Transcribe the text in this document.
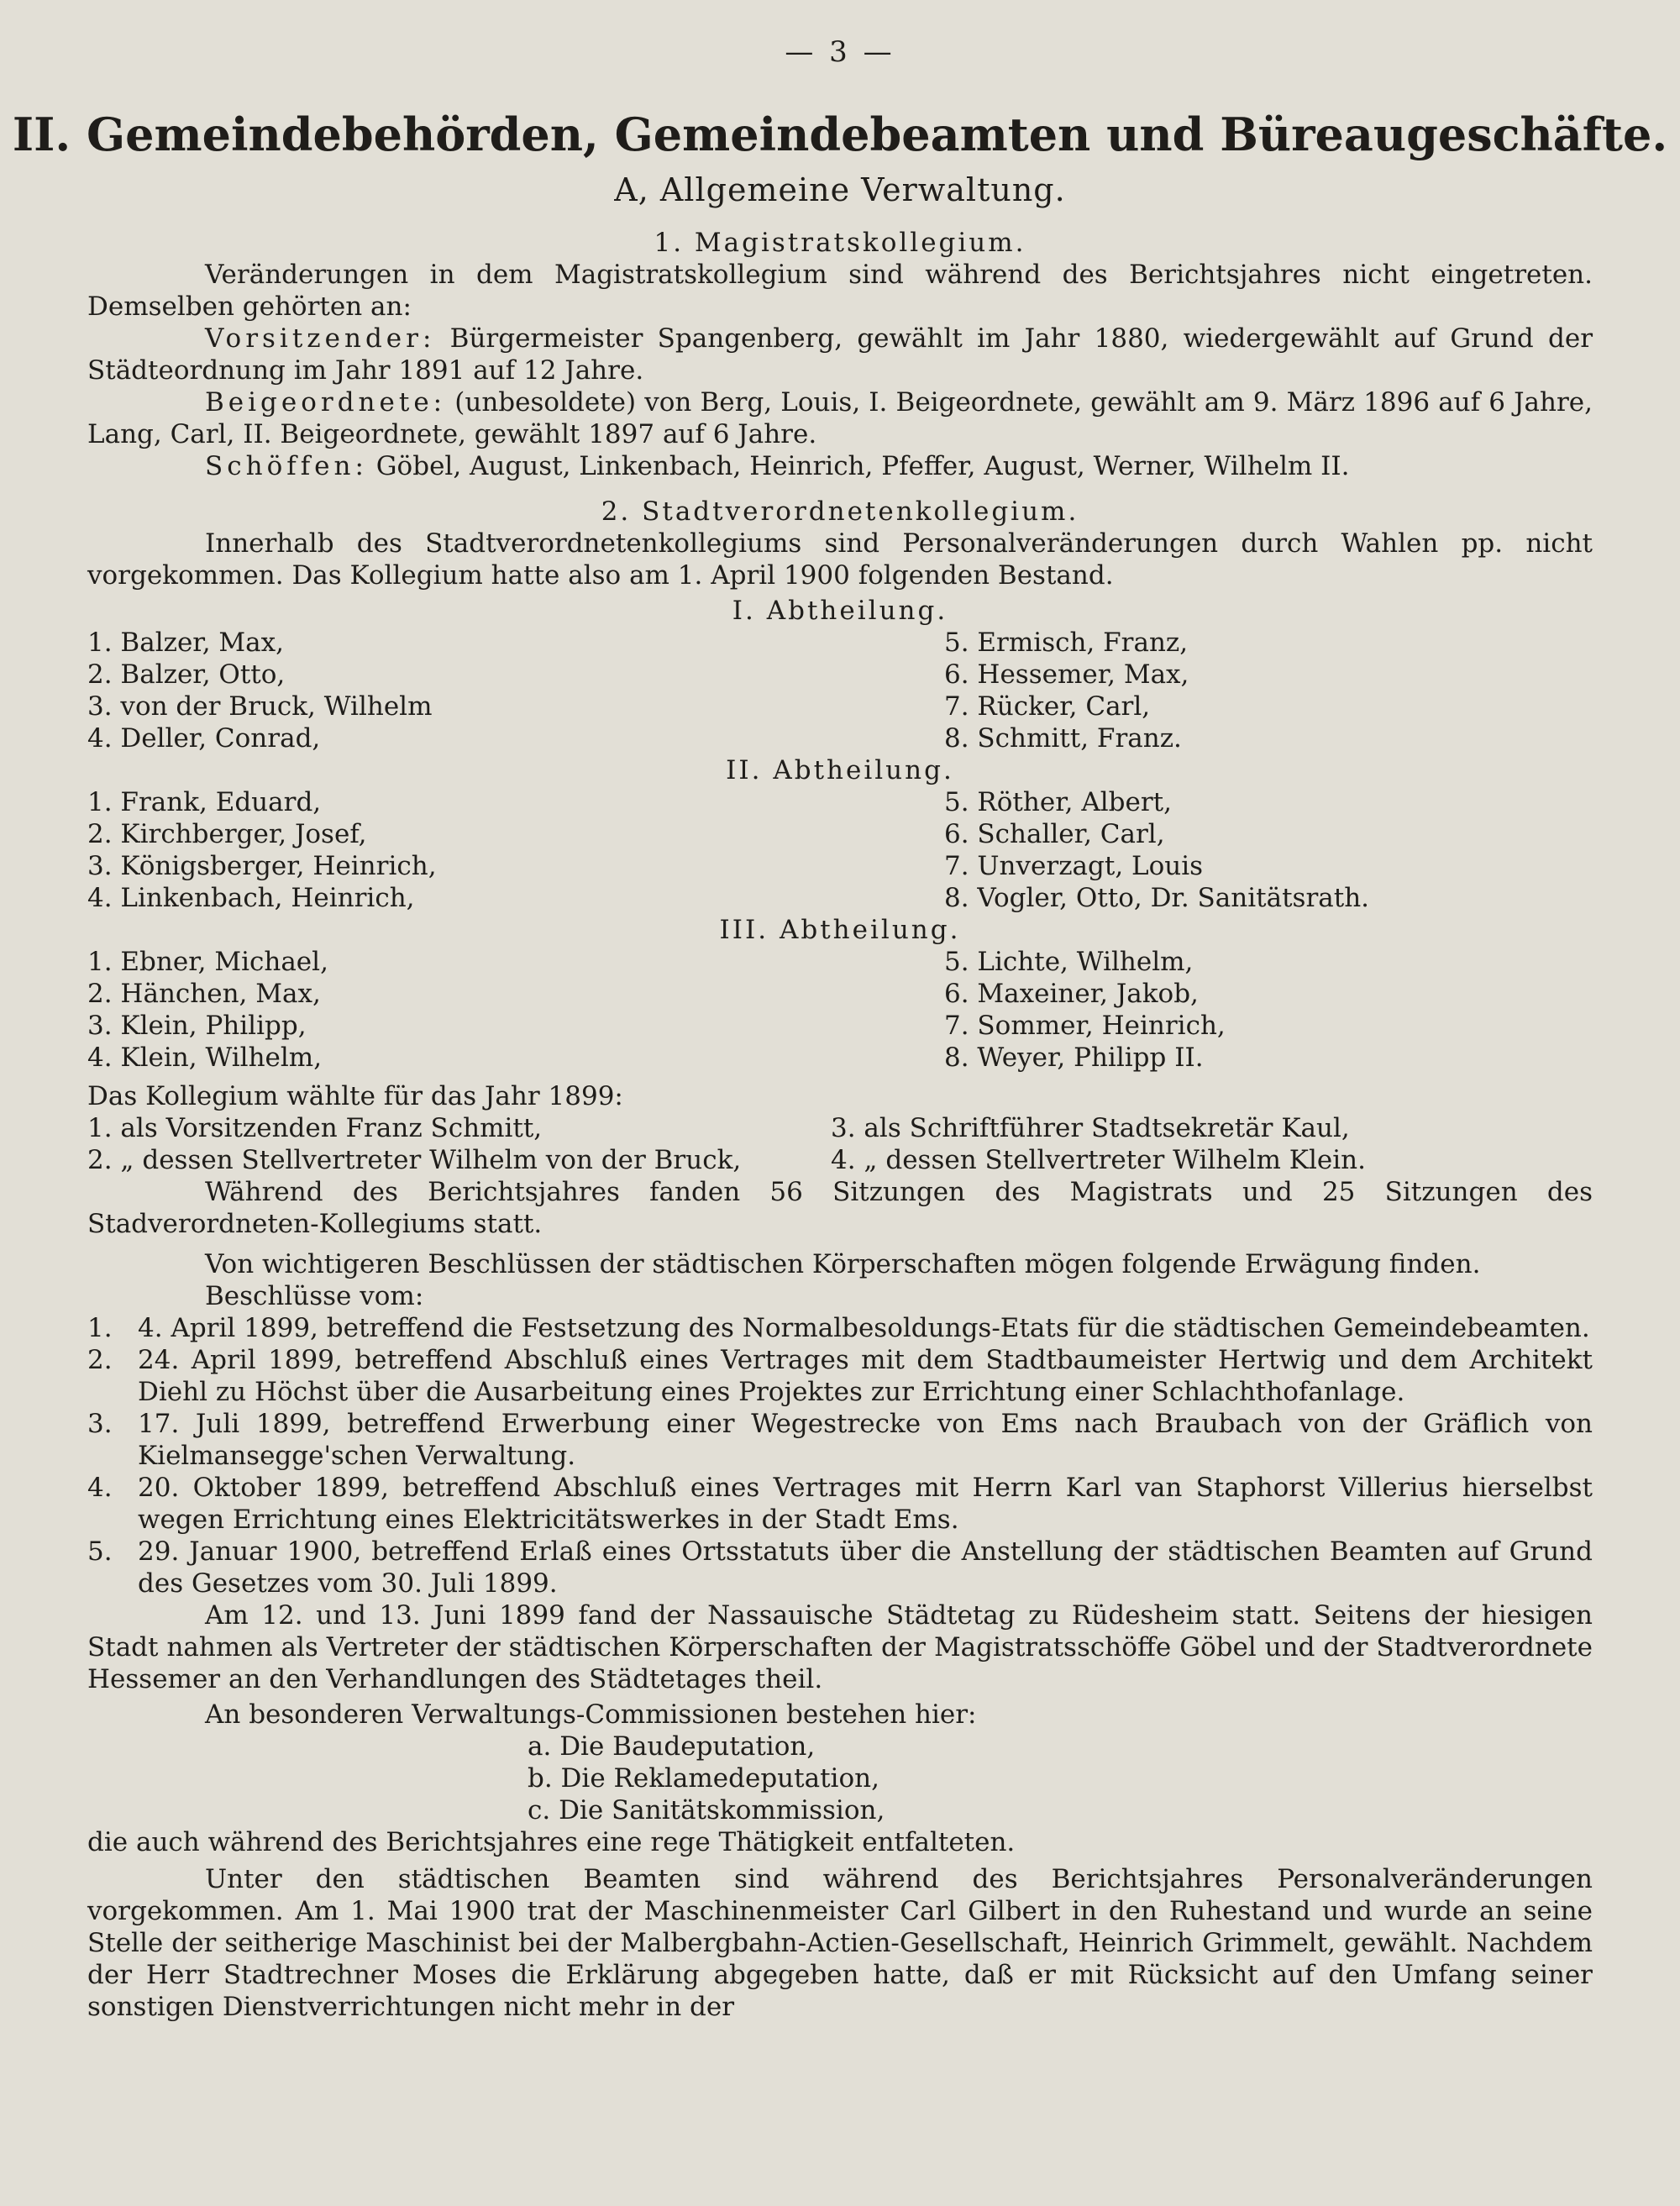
— 3 —
II. Gemeindebehörden, Gemeindebeamten und Büreaugeschäfte.
A, Allgemeine Verwaltung.

1. Magistratskollegium.

Veränderungen in dem Magistratskollegium sind während des Berichtsjahres nicht eingetreten. Demselben gehörten an:

Vorsitzender: Bürgermeister Spangenberg, gewählt im Jahr 1880, wiedergewählt auf Grund der Städteordnung im Jahr 1891 auf 12 Jahre.

Beigeordnete: (unbesoldete) von Berg, Louis, I. Beigeordnete, gewählt am 9. März 1896 auf 6 Jahre, Lang, Carl, II. Beigeordnete, gewählt 1897 auf 6 Jahre.

Schöffen: Göbel, August, Linkenbach, Heinrich, Pfeffer, August, Werner, Wilhelm II.

2. Stadtverordnetenkollegium.

Innerhalb des Stadtverordnetenkollegiums sind Personalveränderungen durch Wahlen pp. nicht vorgekommen. Das Kollegium hatte also am 1. April 1900 folgenden Bestand.

I. Abtheilung.

1. Balzer, Max,

2. Balzer, Otto,

3. von der Bruck, Wilhelm

4. Deller, Conrad,

5. Ermisch, Franz,

6. Hessemer, Max,

7. Rücker, Carl,

8. Schmitt, Franz.

II. Abtheilung.

1. Frank, Eduard,

2. Kirchberger, Josef,

3. Königsberger, Heinrich,

4. Linkenbach, Heinrich,

5. Röther, Albert,

6. Schaller, Carl,

7. Unverzagt, Louis

8. Vogler, Otto, Dr. Sanitätsrath.

III. Abtheilung.

1. Ebner, Michael,

2. Hänchen, Max,

3. Klein, Philipp,

4. Klein, Wilhelm,

5. Lichte, Wilhelm,

6. Maxeiner, Jakob,

7. Sommer, Heinrich,

8. Weyer, Philipp II.

Das Kollegium wählte für das Jahr 1899:

1. als Vorsitzenden Franz Schmitt,

2. „ dessen Stellvertreter Wilhelm von der Bruck,

3. als Schriftführer Stadtsekretär Kaul,

4. „ dessen Stellvertreter Wilhelm Klein.

Während des Berichtsjahres fanden 56 Sitzungen des Magistrats und 25 Sitzungen des Stadverordneten-Kollegiums statt.

Von wichtigeren Beschlüssen der städtischen Körperschaften mögen folgende Erwägung finden.

Beschlüsse vom:

1. 4. April 1899, betreffend die Festsetzung des Normalbesoldungs-Etats für die städtischen Gemeindebeamten.
2. 24. April 1899, betreffend Abschluß eines Vertrages mit dem Stadtbaumeister Hertwig und dem Architekt Diehl zu Höchst über die Ausarbeitung eines Projektes zur Errichtung einer Schlachthofanlage.
3. 17. Juli 1899, betreffend Erwerbung einer Wegestrecke von Ems nach Braubach von der Gräflich von Kielmansegge'schen Verwaltung.
4. 20. Oktober 1899, betreffend Abschluß eines Vertrages mit Herrn Karl van Staphorst Villerius hierselbst wegen Errichtung eines Elektricitätswerkes in der Stadt Ems.
5. 29. Januar 1900, betreffend Erlaß eines Ortsstatuts über die Anstellung der städtischen Beamten auf Grund des Gesetzes vom 30. Juli 1899.

Am 12. und 13. Juni 1899 fand der Nassauische Städtetag zu Rüdesheim statt. Seitens der hiesigen Stadt nahmen als Vertreter der städtischen Körperschaften der Magistratsschöffe Göbel und der Stadtverordnete Hessemer an den Verhandlungen des Städtetages theil.

An besonderen Verwaltungs-Commissionen bestehen hier:

a. Die Baudeputation,

b. Die Reklamedeputation,

c. Die Sanitätskommission,

die auch während des Berichtsjahres eine rege Thätigkeit entfalteten.

Unter den städtischen Beamten sind während des Berichtsjahres Personalveränderungen vorgekommen. Am 1. Mai 1900 trat der Maschinenmeister Carl Gilbert in den Ruhestand und wurde an seine Stelle der seitherige Maschinist bei der Malbergbahn-Actien-Gesellschaft, Heinrich Grimmelt, gewählt. Nachdem der Herr Stadtrechner Moses die Erklärung abgegeben hatte, daß er mit Rücksicht auf den Umfang seiner sonstigen Dienstverrichtungen nicht mehr in der
